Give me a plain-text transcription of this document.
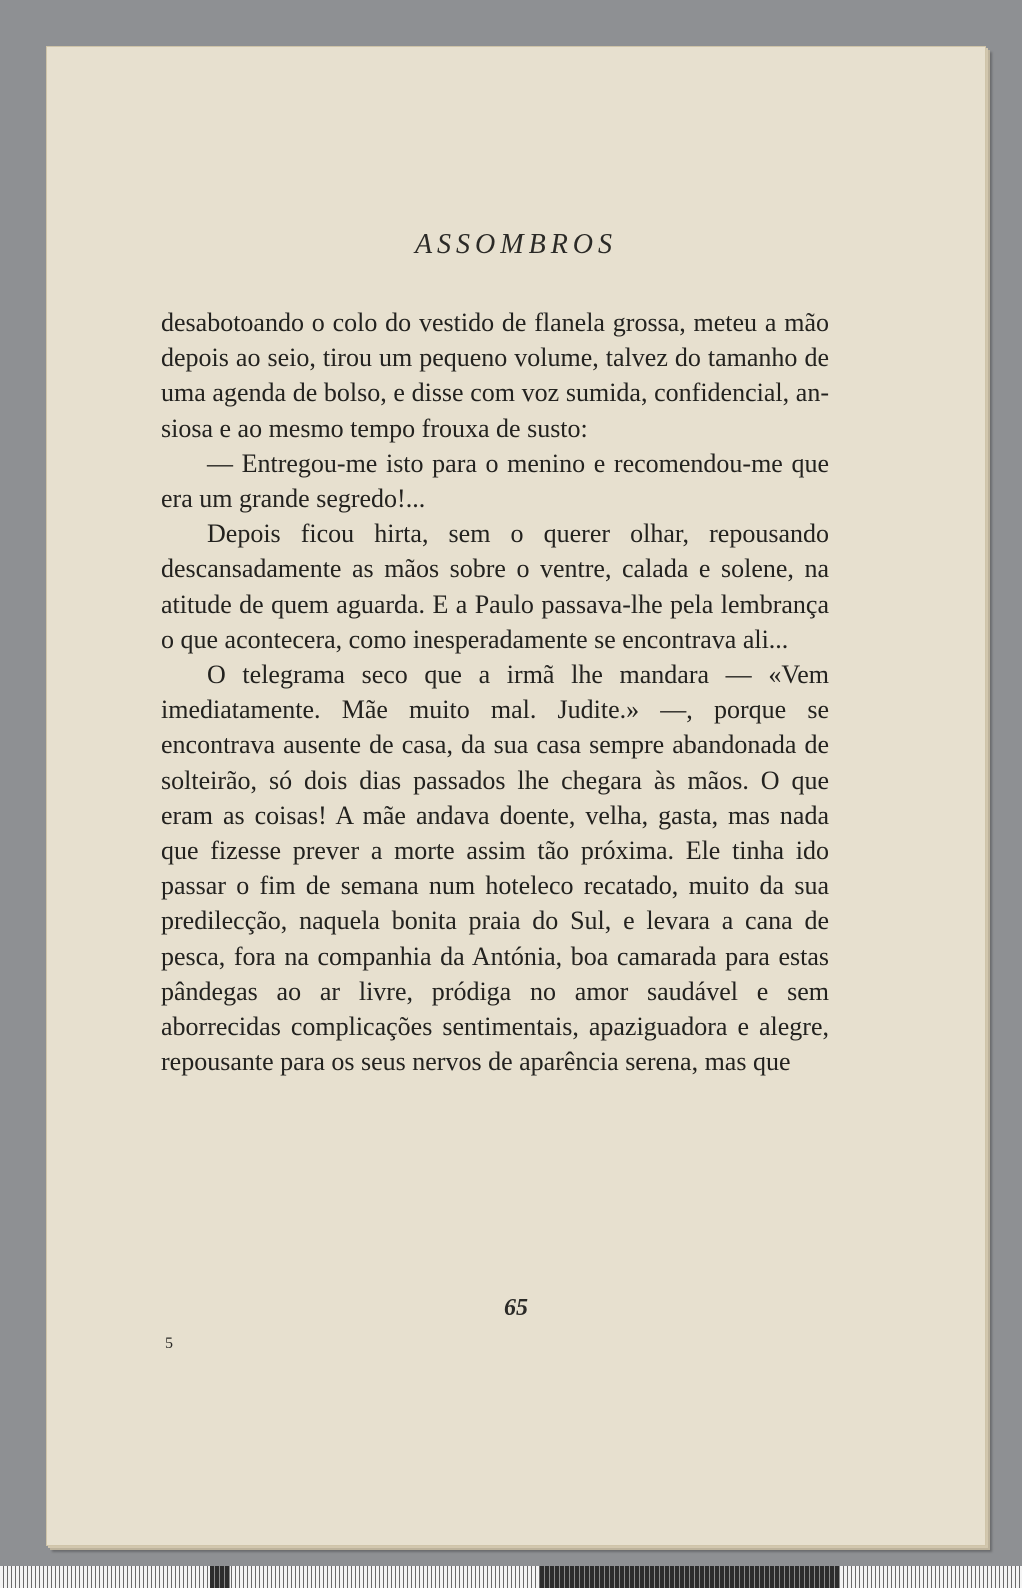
ASSOMBROS

desabotoando o colo do vestido de flanela grossa, meteu a mão depois ao seio, tirou um pequeno volume, talvez do tamanho de uma agenda de bolso, e disse com voz sumida, confidencial, ansiosa e ao mesmo tempo frouxa de susto:

— Entregou-me isto para o menino e recomendou-me que era um grande segredo!...

Depois ficou hirta, sem o querer olhar, repousando descansadamente as mãos sobre o ventre, calada e solene, na atitude de quem aguarda. E a Paulo passava-lhe pela lembrança o que acontecera, como inesperadamente se encontrava ali...

O telegrama seco que a irmã lhe mandara — «Vem imediatamente. Mãe muito mal. Judite.» —, porque se encontrava ausente de casa, da sua casa sempre abandonada de solteirão, só dois dias passados lhe chegara às mãos. O que eram as coisas! A mãe andava doente, velha, gasta, mas nada que fizesse prever a morte assim tão próxima. Ele tinha ido passar o fim de semana num hoteleco recatado, muito da sua predilecção, naquela bonita praia do Sul, e levara a cana de pesca, fora na companhia da Antónia, boa camarada para estas pândegas ao ar livre, pródiga no amor saudável e sem aborrecidas complicações sentimentais, apaziguadora e alegre, repousante para os seus nervos de aparência serena, mas que

65
5
